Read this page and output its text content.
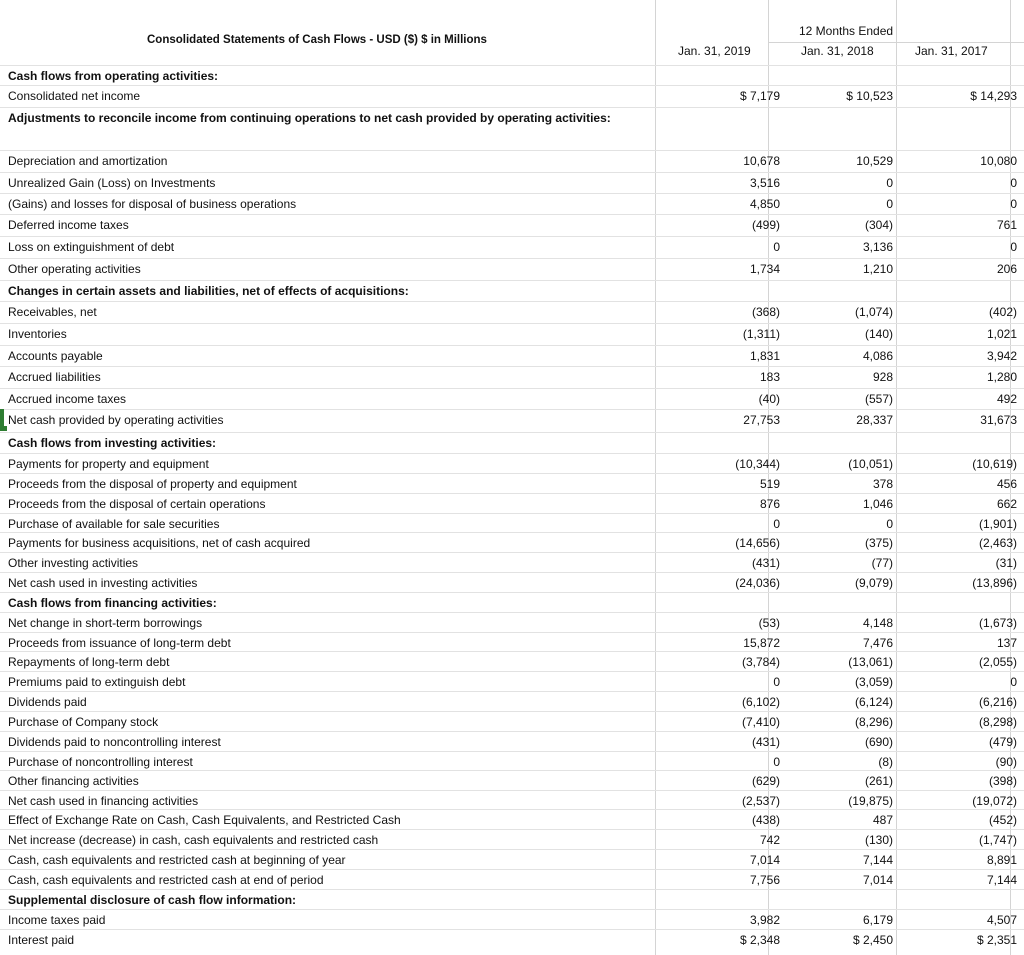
Consolidated Statements of Cash Flows - USD ($) $ in Millions
12 Months Ended
Jan. 31, 2019	Jan. 31, 2018	Jan. 31, 2017
Cash flows from operating activities:
Consolidated net income	$ 7,179	$ 10,523	$ 14,293
Adjustments to reconcile income from continuing operations to net cash provided by operating activities:
Depreciation and amortization	10,678	10,529	10,080
Unrealized Gain (Loss) on Investments	3,516	0	0
(Gains) and losses for disposal of business operations	4,850	0	0
Deferred income taxes	(499)	(304)	761
Loss on extinguishment of debt	0	3,136	0
Other operating activities	1,734	1,210	206
Changes in certain assets and liabilities, net of effects of acquisitions:
Receivables, net	(368)	(1,074)	(402)
Inventories	(1,311)	(140)	1,021
Accounts payable	1,831	4,086	3,942
Accrued liabilities	183	928	1,280
Accrued income taxes	(40)	(557)	492
Net cash provided by operating activities	27,753	28,337	31,673
Cash flows from investing activities:
Payments for property and equipment	(10,344)	(10,051)	(10,619)
Proceeds from the disposal of property and equipment	519	378	456
Proceeds from the disposal of certain operations	876	1,046	662
Purchase of available for sale securities	0	0	(1,901)
Payments for business acquisitions, net of cash acquired	(14,656)	(375)	(2,463)
Other investing activities	(431)	(77)	(31)
Net cash used in investing activities	(24,036)	(9,079)	(13,896)
Cash flows from financing activities:
Net change in short-term borrowings	(53)	4,148	(1,673)
Proceeds from issuance of long-term debt	15,872	7,476	137
Repayments of long-term debt	(3,784)	(13,061)	(2,055)
Premiums paid to extinguish debt	0	(3,059)	0
Dividends paid	(6,102)	(6,124)	(6,216)
Purchase of Company stock	(7,410)	(8,296)	(8,298)
Dividends paid to noncontrolling interest	(431)	(690)	(479)
Purchase of noncontrolling interest	0	(8)	(90)
Other financing activities	(629)	(261)	(398)
Net cash used in financing activities	(2,537)	(19,875)	(19,072)
Effect of Exchange Rate on Cash, Cash Equivalents, and Restricted Cash	(438)	487	(452)
Net increase (decrease) in cash, cash equivalents and restricted cash	742	(130)	(1,747)
Cash, cash equivalents and restricted cash at beginning of year	7,014	7,144	8,891
Cash, cash equivalents and restricted cash at end of period	7,756	7,014	7,144
Supplemental disclosure of cash flow information:
Income taxes paid	3,982	6,179	4,507
Interest paid	$ 2,348	$ 2,450	$ 2,351
